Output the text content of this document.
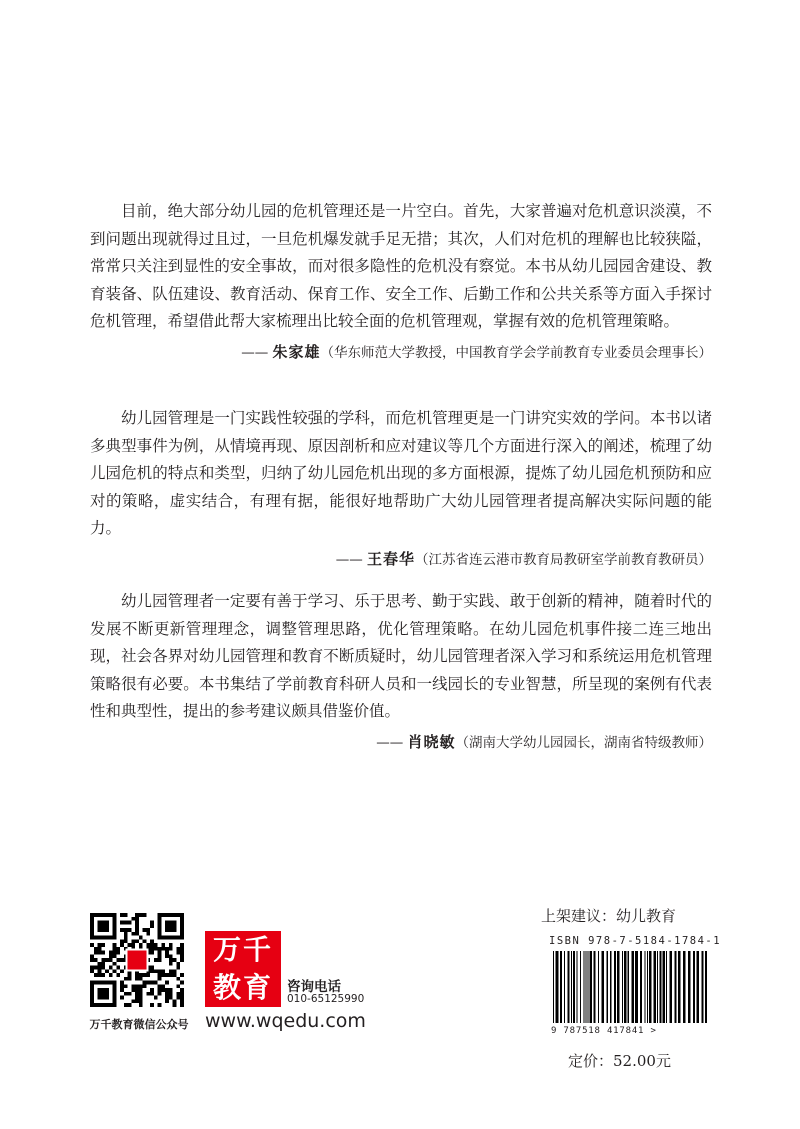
目前，绝大部分幼儿园的危机管理还是一片空白。首先，大家普遍对危机意识淡漠，不到问题出现就得过且过，一旦危机爆发就手足无措；其次，人们对危机的理解也比较狭隘，常常只关注到显性的安全事故，而对很多隐性的危机没有察觉。本书从幼儿园园舍建设、教育装备、队伍建设、教育活动、保育工作、安全工作、后勤工作和公共关系等方面入手探讨危机管理，希望借此帮大家梳理出比较全面的危机管理观，掌握有效的危机管理策略。

—— 朱家雄（华东师范大学教授，中国教育学会学前教育专业委员会理事长）

幼儿园管理是一门实践性较强的学科，而危机管理更是一门讲究实效的学问。本书以诸多典型事件为例，从情境再现、原因剖析和应对建议等几个方面进行深入的阐述，梳理了幼儿园危机的特点和类型，归纳了幼儿园危机出现的多方面根源，提炼了幼儿园危机预防和应对的策略，虚实结合，有理有据，能很好地帮助广大幼儿园管理者提高解决实际问题的能力。

—— 王春华（江苏省连云港市教育局教研室学前教育教研员）

幼儿园管理者一定要有善于学习、乐于思考、勤于实践、敢于创新的精神，随着时代的发展不断更新管理理念，调整管理思路，优化管理策略。在幼儿园危机事件接二连三地出现，社会各界对幼儿园管理和教育不断质疑时，幼儿园管理者深入学习和系统运用危机管理策略很有必要。本书集结了学前教育科研人员和一线园长的专业智慧，所呈现的案例有代表性和典型性，提出的参考建议颇具借鉴价值。

—— 肖晓敏（湖南大学幼儿园园长，湖南省特级教师）
万千教育微信公众号
万千
教育	咨询电话
010-65125990
www.wqedu.com
上架建议：幼儿教育
ISBN 978-7-5184-1784-1
9 787518 417841 >
定价：52.00元
